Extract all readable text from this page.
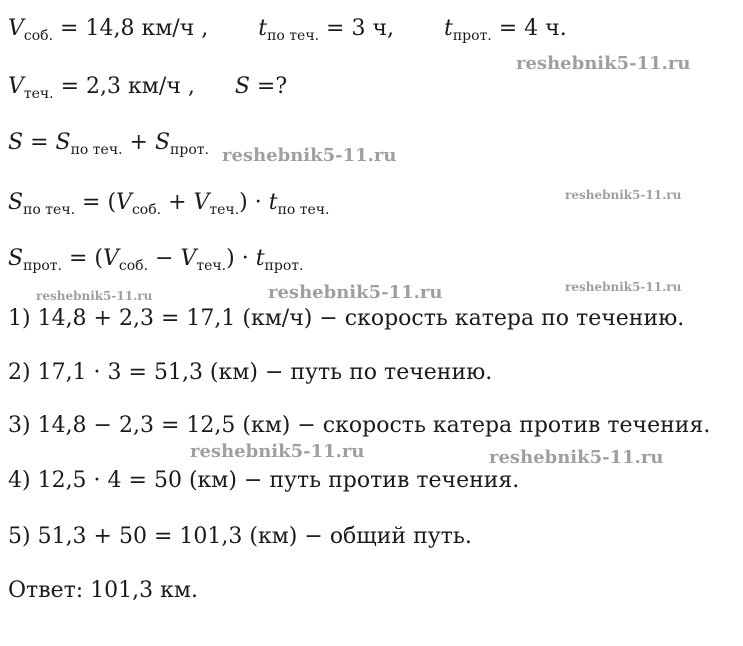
$V_{соб.} = 14,8$ км/ч , $t_{по теч.} = 3$ ч, $t_{прот.} = 4$ ч.
$V_{теч.} = 2,3$ км/ч , S =?
$S = S_{по теч.} + S_{прот.}$
$S_{по теч.} = (V_{соб.} + V_{теч.}) \cdot t_{по теч.}$
$S_{прот.} = (V_{соб.} - V_{теч.}) \cdot t_{прот.}$
1) 14,8 + 2,3 = 17,1 (км/ч) − скорость катера по течению.
2) 17,1 · 3 = 51,3 (км) − путь по течению.
3) 14,8 − 2,3 = 12,5 (км) − скорость катера против течения.
4) 12,5 · 4 = 50 (км) − путь против течения.
5) 51,3 + 50 = 101,3 (км) − общий путь.
Ответ: 101,3 км.
reshebnik5-11.ru
reshebnik5-11.ru
reshebnik5-11.ru
reshebnik5-11.ru
reshebnik5-11.ru	reshebnik5-11.ru
reshebnik5-11.ru	reshebnik5-11.ru
